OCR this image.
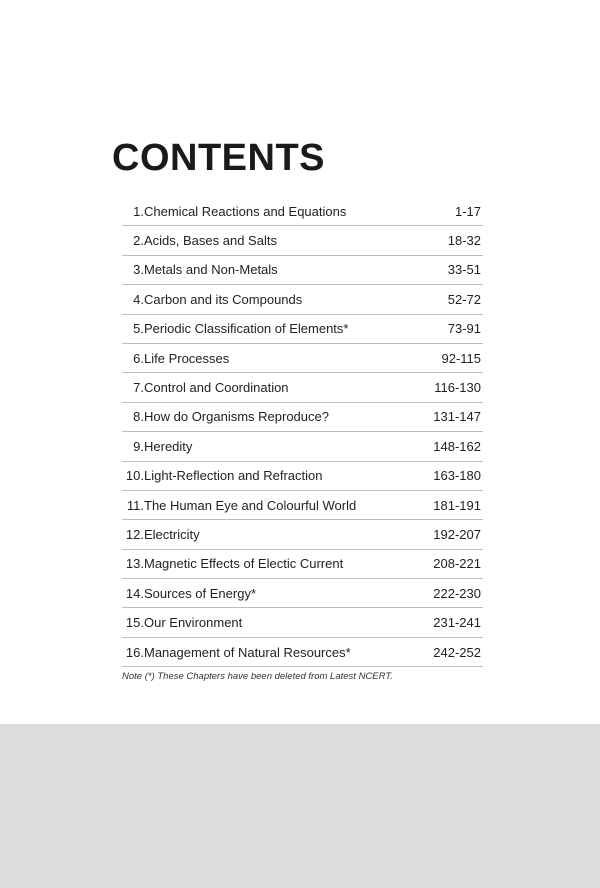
CONTENTS
1. Chemical Reactions and Equations	1-17
2. Acids, Bases and Salts	18-32
3. Metals and Non-Metals	33-51
4. Carbon and its Compounds	52-72
5. Periodic Classification of Elements*	73-91
6. Life Processes	92-115
7. Control and Coordination	116-130
8. How do Organisms Reproduce?	131-147
9. Heredity	148-162
10. Light-Reflection and Refraction	163-180
11. The Human Eye and Colourful World	181-191
12. Electricity	192-207
13. Magnetic Effects of Electic Current	208-221
14. Sources of Energy*	222-230
15. Our Environment	231-241
16. Management of Natural Resources*	242-252

Note (*) These Chapters have been deleted from Latest NCERT.
